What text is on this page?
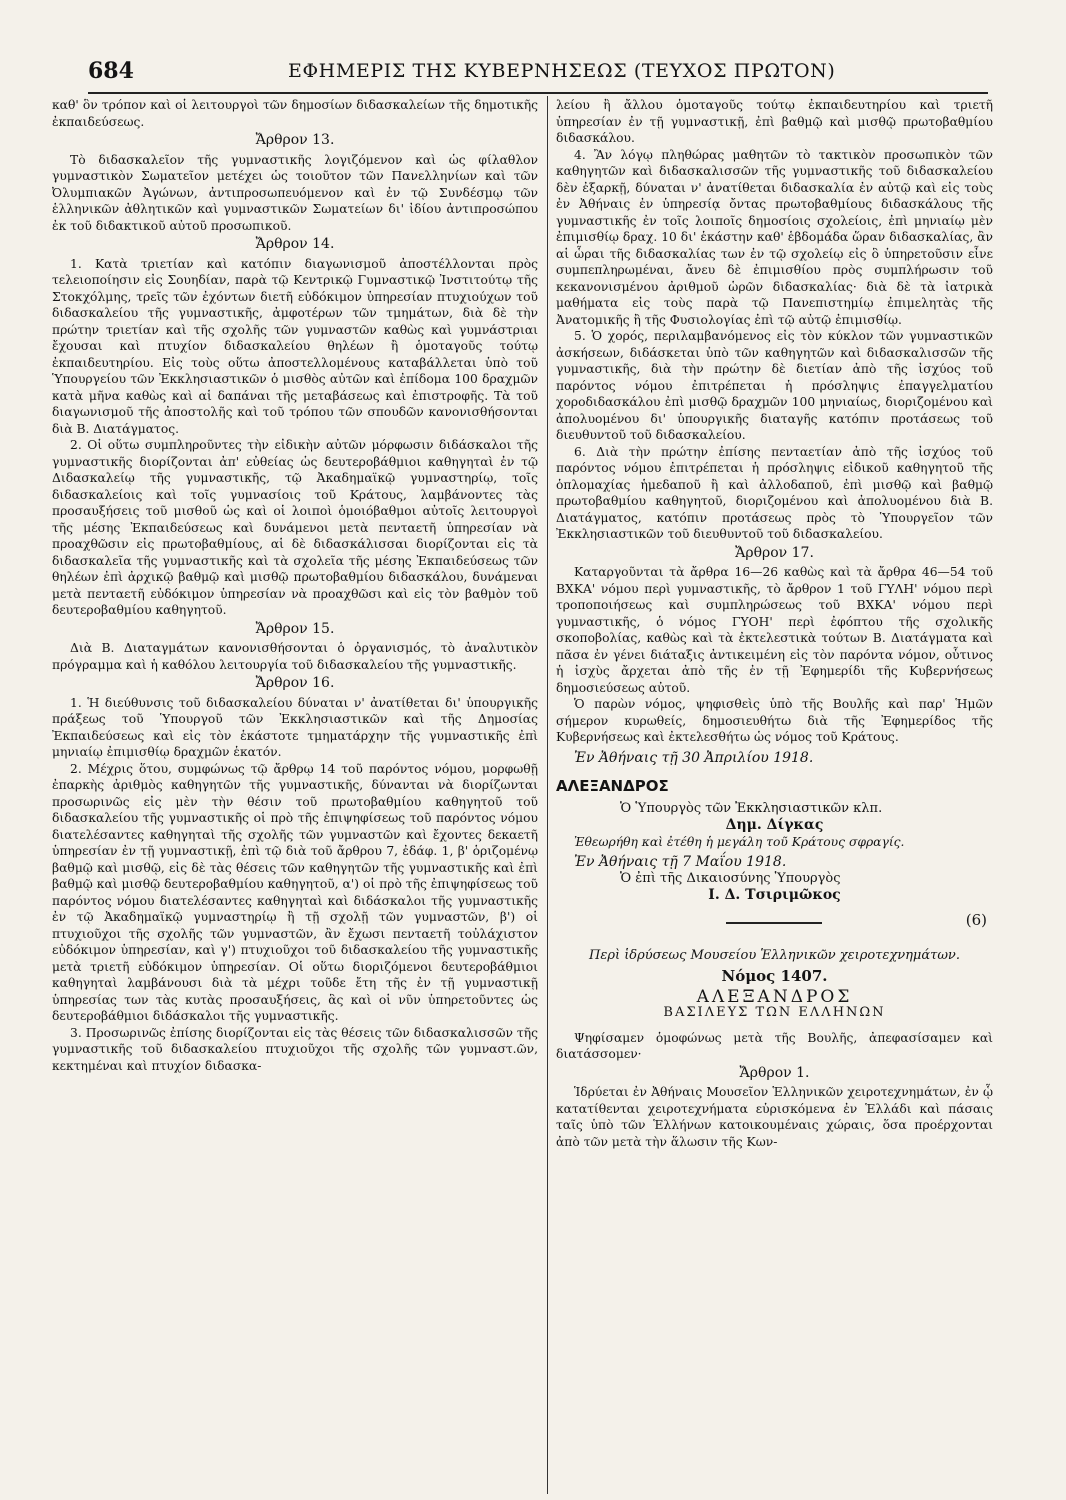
684	ΕΦΗΜΕΡΙΣ ΤΗΣ ΚΥΒΕΡΝΗΣΕΩΣ (ΤΕΥΧΟΣ ΠΡΩΤΟΝ)

καθ' ὃν τρόπον καὶ οἱ λειτουργοὶ τῶν δημοσίων διδασκαλείων τῆς δημοτικῆς ἐκπαιδεύσεως.

Ἄρθρον 13.

Τὸ διδασκαλεῖον τῆς γυμναστικῆς λογιζόμενον καὶ ὡς φίλαθλον γυμναστικὸν Σωματεῖον μετέχει ὡς τοιοῦτον τῶν Πανελληνίων καὶ τῶν Ὀλυμπιακῶν Ἀγώνων, ἀντιπροσωπευόμενον καὶ ἐν τῷ Συνδέσμῳ τῶν ἑλληνικῶν ἀθλητικῶν καὶ γυμναστικῶν Σωματείων δι' ἰδίου ἀντιπροσώπου ἐκ τοῦ διδακτικοῦ αὐτοῦ προσωπικοῦ.

Ἄρθρον 14.

1. Κατὰ τριετίαν καὶ κατόπιν διαγωνισμοῦ ἀποστέλλονται πρὸς τελειοποίησιν εἰς Σουηδίαν, παρὰ τῷ Κεντρικῷ Γυμναστικῷ Ἰνστιτούτῳ τῆς Στοκχόλμης, τρεῖς τῶν ἐχόντων διετῆ εὐδόκιμον ὑπηρεσίαν πτυχιούχων τοῦ διδασκαλείου τῆς γυμναστικῆς, ἀμφοτέρων τῶν τμημάτων, διὰ δὲ τὴν πρώτην τριετίαν καὶ τῆς σχολῆς τῶν γυμναστῶν καθὼς καὶ γυμνάστριαι ἔχουσαι καὶ πτυχίον διδασκαλείου θηλέων ἢ ὁμοταγοῦς τούτῳ ἐκπαιδευτηρίου. Εἰς τοὺς οὕτω ἀποστελλομένους καταβάλλεται ὑπὸ τοῦ Ὑπουργείου τῶν Ἐκκλησιαστικῶν ὁ μισθὸς αὐτῶν καὶ ἐπίδομα 100 δραχμῶν κατὰ μῆνα καθὼς καὶ αἱ δαπάναι τῆς μεταβάσεως καὶ ἐπιστροφῆς. Τὰ τοῦ διαγωνισμοῦ τῆς ἀποστολῆς καὶ τοῦ τρόπου τῶν σπουδῶν κανονισθήσονται διὰ Β. Διατάγματος.

2. Οἱ οὕτω συμπληροῦντες τὴν εἰδικὴν αὐτῶν μόρφωσιν διδάσκαλοι τῆς γυμναστικῆς διορίζονται ἀπ' εὐθείας ὡς δευτεροβάθμιοι καθηγηταὶ ἐν τῷ Διδασκαλείῳ τῆς γυμναστικῆς, τῷ Ἀκαδημαϊκῷ γυμναστηρίῳ, τοῖς διδασκαλείοις καὶ τοῖς γυμνασίοις τοῦ Κράτους, λαμβάνοντες τὰς προσαυξήσεις τοῦ μισθοῦ ὡς καὶ οἱ λοιποὶ ὁμοιόβαθμοι αὐτοῖς λειτουργοὶ τῆς μέσης Ἐκπαιδεύσεως καὶ δυνάμενοι μετὰ πενταετῆ ὑπηρεσίαν νὰ προαχθῶσιν εἰς πρωτοβαθμίους, αἱ δὲ διδασκάλισσαι διορίζονται εἰς τὰ διδασκαλεῖα τῆς γυμναστικῆς καὶ τὰ σχολεῖα τῆς μέσης Ἐκπαιδεύσεως τῶν θηλέων ἐπὶ ἀρχικῷ βαθμῷ καὶ μισθῷ πρωτοβαθμίου διδασκάλου, δυνάμεναι μετὰ πενταετῆ εὐδόκιμον ὑπηρεσίαν νὰ προαχθῶσι καὶ εἰς τὸν βαθμὸν τοῦ δευτεροβαθμίου καθηγητοῦ.

Ἄρθρον 15.

Διὰ Β. Διαταγμάτων κανονισθήσονται ὁ ὀργανισμός, τὸ ἀναλυτικὸν πρόγραμμα καὶ ἡ καθόλου λειτουργία τοῦ διδασκαλείου τῆς γυμναστικῆς.

Ἄρθρον 16.

1. Ἡ διεύθυνσις τοῦ διδασκαλείου δύναται ν' ἀνατίθεται δι' ὑπουργικῆς πράξεως τοῦ Ὑπουργοῦ τῶν Ἐκκλησιαστικῶν καὶ τῆς Δημοσίας Ἐκπαιδεύσεως καὶ εἰς τὸν ἑκάστοτε τμηματάρχην τῆς γυμναστικῆς ἐπὶ μηνιαίῳ ἐπιμισθίῳ δραχμῶν ἑκατόν.

2. Μέχρις ὅτου, συμφώνως τῷ ἄρθρῳ 14 τοῦ παρόντος νόμου, μορφωθῇ ἐπαρκὴς ἀριθμὸς καθηγητῶν τῆς γυμναστικῆς, δύνανται νὰ διορίζωνται προσωρινῶς εἰς μὲν τὴν θέσιν τοῦ πρωτοβαθμίου καθηγητοῦ τοῦ διδασκαλείου τῆς γυμναστικῆς οἱ πρὸ τῆς ἐπιψηφίσεως τοῦ παρόντος νόμου διατελέσαντες καθηγηταὶ τῆς σχολῆς τῶν γυμναστῶν καὶ ἔχοντες δεκαετῆ ὑπηρεσίαν ἐν τῇ γυμναστικῇ, ἐπὶ τῷ διὰ τοῦ ἄρθρου 7, ἐδάφ. 1, β' ὁριζομένῳ βαθμῷ καὶ μισθῷ, εἰς δὲ τὰς θέσεις τῶν καθηγητῶν τῆς γυμναστικῆς καὶ ἐπὶ βαθμῷ καὶ μισθῷ δευτεροβαθμίου καθηγητοῦ, α') οἱ πρὸ τῆς ἐπιψηφίσεως τοῦ παρόντος νόμου διατελέσαντες καθηγηταὶ καὶ διδάσκαλοι τῆς γυμναστικῆς ἐν τῷ Ἀκαδημαϊκῷ γυμναστηρίῳ ἢ τῇ σχολῇ τῶν γυμναστῶν, β') οἱ πτυχιοῦχοι τῆς σχολῆς τῶν γυμναστῶν, ἂν ἔχωσι πενταετῆ τοὐλάχιστον εὐδόκιμον ὑπηρεσίαν, καὶ γ') πτυχιοῦχοι τοῦ διδασκαλείου τῆς γυμναστικῆς μετὰ τριετῆ εὐδόκιμον ὑπηρεσίαν. Οἱ οὕτω διοριζόμενοι δευτεροβάθμιοι καθηγηταὶ λαμβάνουσι διὰ τὰ μέχρι τοῦδε ἔτη τῆς ἐν τῇ γυμναστικῇ ὑπηρεσίας των τὰς κυτὰς προσαυξήσεις, ἃς καὶ οἱ νῦν ὑπηρετοῦντες ὡς δευτεροβάθμιοι διδάσκαλοι τῆς γυμναστικῆς.

3. Προσωρινῶς ἐπίσης διορίζονται εἰς τὰς θέσεις τῶν διδασκαλισσῶν τῆς γυμναστικῆς τοῦ διδασκαλείου πτυχιοῦχοι τῆς σχολῆς τῶν γυμναστ.ῶν, κεκτημέναι καὶ πτυχίον διδασκα-

λείου ἢ ἄλλου ὁμοταγοῦς τούτῳ ἐκπαιδευτηρίου καὶ τριετῆ ὑπηρεσίαν ἐν τῇ γυμναστικῇ, ἐπὶ βαθμῷ καὶ μισθῷ πρωτοβαθμίου διδασκάλου.

4. Ἂν λόγῳ πληθώρας μαθητῶν τὸ τακτικὸν προσωπικὸν τῶν καθηγητῶν καὶ διδασκαλισσῶν τῆς γυμναστικῆς τοῦ διδασκαλείου δὲν ἐξαρκῇ, δύναται ν' ἀνατίθεται διδασκαλία ἐν αὐτῷ καὶ εἰς τοὺς ἐν Ἀθήναις ἐν ὑπηρεσίᾳ ὄντας πρωτοβαθμίους διδασκάλους τῆς γυμναστικῆς ἐν τοῖς λοιποῖς δημοσίοις σχολείοις, ἐπὶ μηνιαίῳ μὲν ἐπιμισθίῳ δραχ. 10 δι' ἑκάστην καθ' ἑβδομάδα ὥραν διδασκαλίας, ἂν αἱ ὧραι τῆς διδασκαλίας των ἐν τῷ σχολείῳ εἰς ὃ ὑπηρετοῦσιν εἶνε συμπεπληρωμέναι, ἄνευ δὲ ἐπιμισθίου πρὸς συμπλήρωσιν τοῦ κεκανονισμένου ἀριθμοῦ ὡρῶν διδασκαλίας· διὰ δὲ τὰ ἰατρικὰ μαθήματα εἰς τοὺς παρὰ τῷ Πανεπιστημίῳ ἐπιμελητὰς τῆς Ἀνατομικῆς ἢ τῆς Φυσιολογίας ἐπὶ τῷ αὐτῷ ἐπιμισθίῳ.

5. Ὁ χορός, περιλαμβανόμενος εἰς τὸν κύκλον τῶν γυμναστικῶν ἀσκήσεων, διδάσκεται ὑπὸ τῶν καθηγητῶν καὶ διδασκαλισσῶν τῆς γυμναστικῆς, διὰ τὴν πρώτην δὲ διετίαν ἀπὸ τῆς ἰσχύος τοῦ παρόντος νόμου ἐπιτρέπεται ἡ πρόσληψις ἐπαγγελματίου χοροδιδασκάλου ἐπὶ μισθῷ δραχμῶν 100 μηνιαίως, διοριζομένου καὶ ἀπολυομένου δι' ὑπουργικῆς διαταγῆς κατόπιν προτάσεως τοῦ διευθυντοῦ τοῦ διδασκαλείου.

6. Διὰ τὴν πρώτην ἐπίσης πενταετίαν ἀπὸ τῆς ἰσχύος τοῦ παρόντος νόμου ἐπιτρέπεται ἡ πρόσληψις εἰδικοῦ καθηγητοῦ τῆς ὁπλομαχίας ἡμεδαποῦ ἢ καὶ ἀλλοδαποῦ, ἐπὶ μισθῷ καὶ βαθμῷ πρωτοβαθμίου καθηγητοῦ, διοριζομένου καὶ ἀπολυομένου διὰ Β. Διατάγματος, κατόπιν προτάσεως πρὸς τὸ Ὑπουργεῖον τῶν Ἐκκλησιαστικῶν τοῦ διευθυντοῦ τοῦ διδασκαλείου.

Ἄρθρον 17.

Καταργοῦνται τὰ ἄρθρα 16—26 καθὼς καὶ τὰ ἄρθρα 46—54 τοῦ ΒΧΚΑ' νόμου περὶ γυμναστικῆς, τὸ ἄρθρον 1 τοῦ ΓΥΛΗ' νόμου περὶ τροποποιήσεως καὶ συμπληρώσεως τοῦ ΒΧΚΑ' νόμου περὶ γυμναστικῆς, ὁ νόμος ΓΥΟΗ' περὶ ἐφόπτου τῆς σχολικῆς σκοποβολίας, καθὼς καὶ τὰ ἐκτελεστικὰ τούτων Β. Διατάγματα καὶ πᾶσα ἐν γένει διάταξις ἀντικειμένη εἰς τὸν παρόντα νόμον, οὗτινος ἡ ἰσχὺς ἄρχεται ἀπὸ τῆς ἐν τῇ Ἐφημερίδι τῆς Κυβερνήσεως δημοσιεύσεως αὐτοῦ.

Ὁ παρὼν νόμος, ψηφισθεὶς ὑπὸ τῆς Βουλῆς καὶ παρ' Ἡμῶν σήμερον κυρωθείς, δημοσιευθήτω διὰ τῆς Ἐφημερίδος τῆς Κυβερνήσεως καὶ ἐκτελεσθήτω ὡς νόμος τοῦ Κράτους.

Ἐν Ἀθήναις τῇ 30 Ἀπριλίου 1918.

ΑΛΕΞΑΝΔΡΟΣ

Ὁ Ὑπουργὸς τῶν Ἐκκλησιαστικῶν κλπ.

Δημ. Δίγκας

Ἐθεωρήθη καὶ ἐτέθη ἡ μεγάλη τοῦ Κράτους σφραγίς.

Ἐν Ἀθήναις τῇ 7 Μαΐου 1918.

Ὁ ἐπὶ τῆς Δικαιοσύνης Ὑπουργὸς

Ι. Δ. Τσιριμῶκος

(6)

Περὶ ἱδρύσεως Μουσείου Ἑλληνικῶν χειροτεχνημάτων.

Νόμος 1407.

ΑΛΕΞΑΝΔΡΟΣ

ΒΑΣΙΛΕΥΣ ΤΩΝ ΕΛΛΗΝΩΝ

Ψηφίσαμεν ὁμοφώνως μετὰ τῆς Βουλῆς, ἀπεφασίσαμεν καὶ διατάσσομεν·

Ἄρθρον 1.

Ἱδρύεται ἐν Ἀθήναις Μουσεῖον Ἑλληνικῶν χειροτεχνημάτων, ἐν ᾧ κατατίθενται χειροτεχνήματα εὑρισκόμενα ἐν Ἑλλάδι καὶ πάσαις ταῖς ὑπὸ τῶν Ἑλλήνων κατοικουμέναις χώραις, ὅσα προέρχονται ἀπὸ τῶν μετὰ τὴν ἅλωσιν τῆς Κων-
